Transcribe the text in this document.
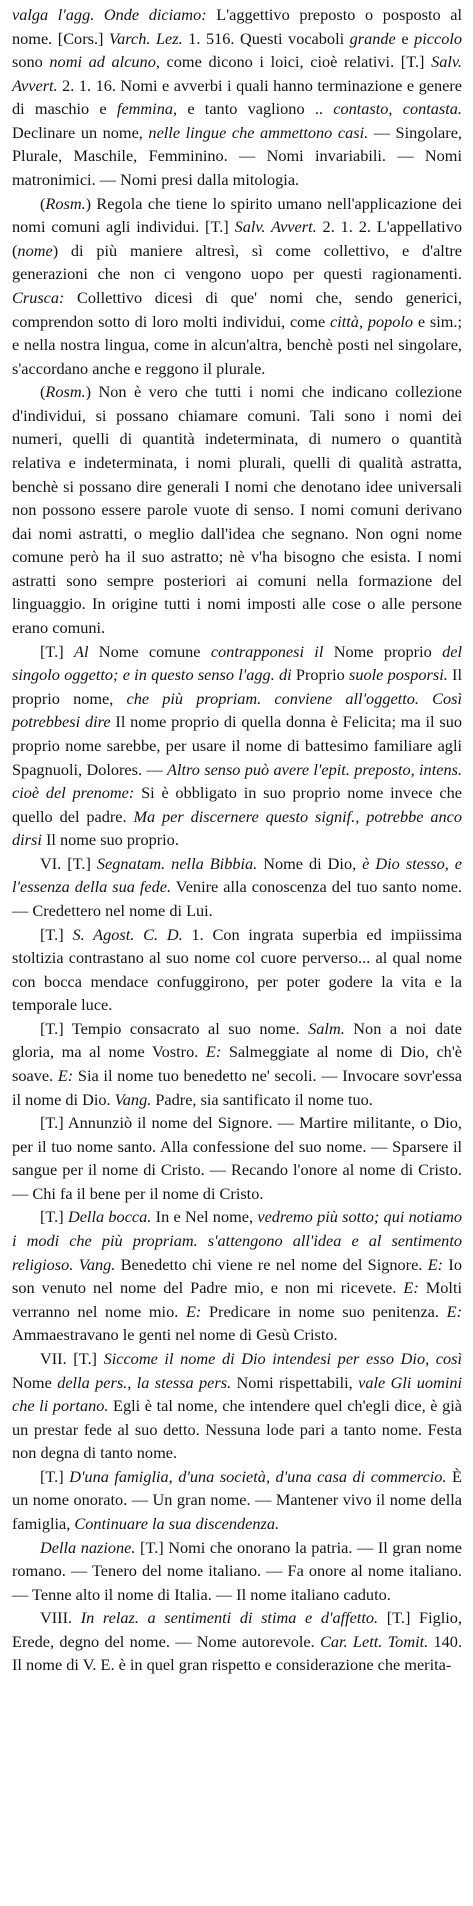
valga l'agg. Onde diciamo: L'aggettivo preposto o posposto al nome. [Cors.] Varch. Lez. 1. 516. Questi vocaboli grande e piccolo sono nomi ad alcuno, come dicono i loici, cioè relativi. [T.] Salv. Avvert. 2. 1. 16. Nomi e avverbi i quali hanno terminazione e genere di maschio e femmina, e tanto vagliono .. contasto, contasta. Declinare un nome, nelle lingue che ammettono casi. — Singolare, Plurale, Maschile, Femminino. — Nomi invariabili. — Nomi matronimici. — Nomi presi dalla mitologia.

(Rosm.) Regola che tiene lo spirito umano nell'applicazione dei nomi comuni agli individui. [T.] Salv. Avvert. 2. 1. 2. L'appellativo (nome) di più maniere altresì, sì come collettivo, e d'altre generazioni che non ci vengono uopo per questi ragionamenti. Crusca: Collettivo dicesi di que' nomi che, sendo generici, comprendon sotto di loro molti individui, come città, popolo e sim.; e nella nostra lingua, come in alcun'altra, benchè posti nel singolare, s'accordano anche e reggono il plurale.

(Rosm.) Non è vero che tutti i nomi che indicano collezione d'individui, si possano chiamare comuni. Tali sono i nomi dei numeri, quelli di quantità indeterminata, di numero o quantità relativa e indeterminata, i nomi plurali, quelli di qualità astratta, benchè si possano dire generali I nomi che denotano idee universali non possono essere parole vuote di senso. I nomi comuni derivano dai nomi astratti, o meglio dall'idea che segnano. Non ogni nome comune però ha il suo astratto; nè v'ha bisogno che esista. I nomi astratti sono sempre posteriori ai comuni nella formazione del linguaggio. In origine tutti i nomi imposti alle cose o alle persone erano comuni.

[T.] Al Nome comune contrapponesi il Nome proprio del singolo oggetto; e in questo senso l'agg. di Proprio suole posporsi. Il proprio nome, che più propriam. conviene all'oggetto. Così potrebbesi dire Il nome proprio di quella donna è Felicita; ma il suo proprio nome sarebbe, per usare il nome di battesimo familiare agli Spagnuoli, Dolores. — Altro senso può avere l'epit. preposto, intens. cioè del prenome: Si è obbligato in suo proprio nome invece che quello del padre. Ma per discernere questo signif., potrebbe anco dirsi Il nome suo proprio.

VI. [T.] Segnatam. nella Bibbia. Nome di Dio, è Dio stesso, e l'essenza della sua fede. Venire alla conoscenza del tuo santo nome. — Credettero nel nome di Lui.

[T.] S. Agost. C. D. 1. Con ingrata superbia ed impiissima stoltizia contrastano al suo nome col cuore perverso... al qual nome con bocca mendace confuggirono, per poter godere la vita e la temporale luce.

[T.] Tempio consacrato al suo nome. Salm. Non a noi date gloria, ma al nome Vostro. E: Salmeggiate al nome di Dio, ch'è soave. E: Sia il nome tuo benedetto ne' secoli. — Invocare sovr'essa il nome di Dio. Vang. Padre, sia santificato il nome tuo.

[T.] Annunziò il nome del Signore. — Martire militante, o Dio, per il tuo nome santo. Alla confessione del suo nome. — Sparsere il sangue per il nome di Cristo. — Recando l'onore al nome di Cristo. — Chi fa il bene per il nome di Cristo.

[T.] Della bocca. In e Nel nome, vedremo più sotto; qui notiamo i modi che più propriam. s'attengono all'idea e al sentimento religioso. Vang. Benedetto chi viene re nel nome del Signore. E: Io son venuto nel nome del Padre mio, e non mi ricevete. E: Molti verranno nel nome mio. E: Predicare in nome suo penitenza. E: Ammaestravano le genti nel nome di Gesù Cristo.

VII. [T.] Siccome il nome di Dio intendesi per esso Dio, così Nome della pers., la stessa pers. Nomi rispettabili, vale Gli uomini che li portano. Egli è tal nome, che intendere quel ch'egli dice, è già un prestar fede al suo detto. Nessuna lode pari a tanto nome. Festa non degna di tanto nome.

[T.] D'una famiglia, d'una società, d'una casa di commercio. È un nome onorato. — Un gran nome. — Mantener vivo il nome della famiglia, Continuare la sua discendenza.

Della nazione. [T.] Nomi che onorano la patria. — Il gran nome romano. — Tenero del nome italiano. — Fa onore al nome italiano. — Tenne alto il nome di Italia. — Il nome italiano caduto.

VIII. In relaz. a sentimenti di stima e d'affetto. [T.] Figlio, Erede, degno del nome. — Nome autorevole. Car. Lett. Tomit. 140. Il nome di V. E. è in quel gran rispetto e considerazione che merita-
